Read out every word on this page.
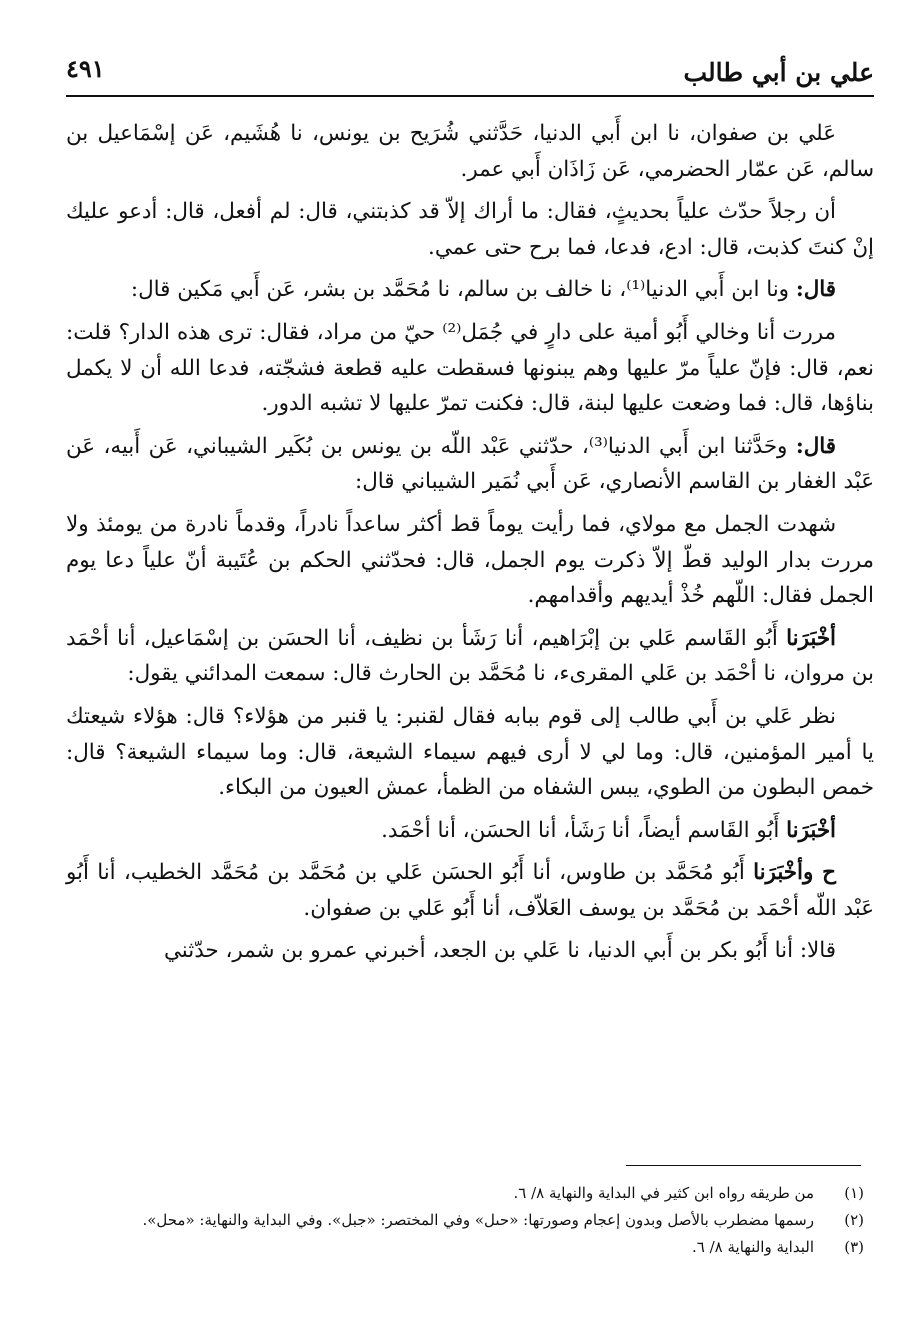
علي بن أبي طالب
٤٩١

عَلي بن صفوان، نا ابن أَبي الدنيا، حَدَّثني شُرَيح بن يونس، نا هُشَيم، عَن إسْمَاعيل بن سالم، عَن عمّار الحضرمي، عَن زَاذَان أَبي عمر.

أن رجلاً حدّث علياً بحديثٍ، فقال: ما أراك إلاّ قد كذبتني، قال: لم أفعل، قال: أدعو عليك إنْ كنتَ كذبت، قال: ادع، فدعا، فما برح حتى عمي.

قال: ونا ابن أَبي الدنيا⁽¹⁾، نا خالف بن سالم، نا مُحَمَّد بن بشر، عَن أَبي مَكين قال:

مررت أنا وخالي أَبُو أمية على دارٍ في جُمَل⁽²⁾ حيّ من مراد، فقال: ترى هذه الدار؟ قلت: نعم، قال: فإنّ علياً مرّ عليها وهم يبنونها فسقطت عليه قطعة فشجّته، فدعا الله أن لا يكمل بناؤها، قال: فما وضعت عليها لبنة، قال: فكنت تمرّ عليها لا تشبه الدور.

قال: وحَدَّثنا ابن أَبي الدنيا⁽³⁾، حدّثني عَبْد اللّه بن يونس بن بُكَير الشيباني، عَن أَبيه، عَن عَبْد الغفار بن القاسم الأنصاري، عَن أَبي نُمَير الشيباني قال:

شهدت الجمل مع مولاي، فما رأيت يوماً قط أكثر ساعداً نادراً، وقدماً نادرة من يومئذ ولا مررت بدار الوليد قطّ إلاّ ذكرت يوم الجمل، قال: فحدّثني الحكم بن عُتَيبة أنّ علياً دعا يوم الجمل فقال: اللّهم خُذْ أيديهم وأقدامهم.

أخْبَرَنا أَبُو القَاسم عَلي بن إبْرَاهيم، أنا رَشَأ بن نظيف، أنا الحسَن بن إسْمَاعيل، أنا أحْمَد بن مروان، نا أحْمَد بن عَلي المقرىء، نا مُحَمَّد بن الحارث قال: سمعت المدائني يقول:

نظر عَلي بن أَبي طالب إلى قوم ببابه فقال لقنبر: يا قنبر من هؤلاء؟ قال: هؤلاء شيعتك يا أمير المؤمنين، قال: وما لي لا أرى فيهم سيماء الشيعة، قال: وما سيماء الشيعة؟ قال: خمص البطون من الطوي، يبس الشفاه من الظمأ، عمش العيون من البكاء.

أخْبَرَنا أَبُو القَاسم أيضاً، أنا رَشَأ، أنا الحسَن، أنا أحْمَد.

ح وأخْبَرَنا أَبُو مُحَمَّد بن طاوس، أنا أَبُو الحسَن عَلي بن مُحَمَّد بن مُحَمَّد الخطيب، أنا أَبُو عَبْد اللّه أحْمَد بن مُحَمَّد بن يوسف العَلاّف، أنا أَبُو عَلي بن صفوان.

قالا: أنا أَبُو بكر بن أَبي الدنيا، نا عَلي بن الجعد، أخبرني عمرو بن شمر، حدّثني

(١)
من طريقه رواه ابن كثير في البداية والنهاية ٨/ ٦.

(٢)
رسمها مضطرب بالأصل وبدون إعجام وصورتها: «حىل» وفي المختصر: «جبل». وفي البداية والنهاية: «محل».

(٣)
البداية والنهاية ٨/ ٦.
